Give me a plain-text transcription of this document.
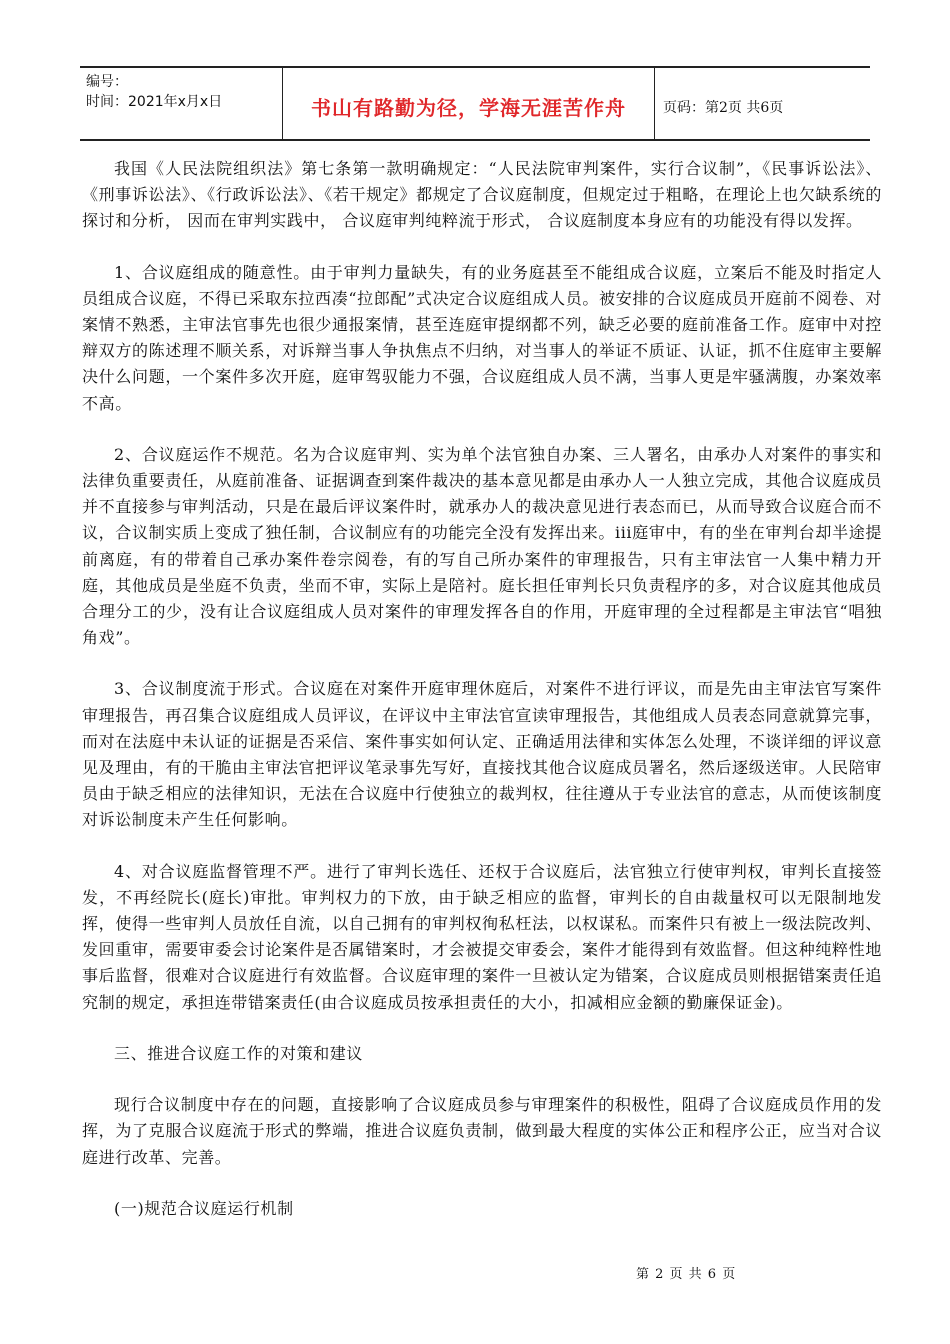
编号：
时间：2021年x月x日	书山有路勤为径，学海无涯苦作舟	页码：第2页 共6页

我国《人民法院组织法》第七条第一款明确规定：“人民法院审判案件，实行合议制”，《民事诉讼法》、《刑事诉讼法》、《行政诉讼法》、《若干规定》都规定了合议庭制度，但规定过于粗略，在理论上也欠缺系统的探讨和分析， 因而在审判实践中， 合议庭审判纯粹流于形式， 合议庭制度本身应有的功能没有得以发挥。

1、合议庭组成的随意性。由于审判力量缺失，有的业务庭甚至不能组成合议庭，立案后不能及时指定人员组成合议庭，不得已采取东拉西凑“拉郎配”式决定合议庭组成人员。被安排的合议庭成员开庭前不阅卷、对案情不熟悉，主审法官事先也很少通报案情，甚至连庭审提纲都不列，缺乏必要的庭前准备工作。庭审中对控辩双方的陈述理不顺关系，对诉辩当事人争执焦点不归纳，对当事人的举证不质证、认证，抓不住庭审主要解决什么问题，一个案件多次开庭，庭审驾驭能力不强，合议庭组成人员不满，当事人更是牢骚满腹，办案效率不高。

2、合议庭运作不规范。名为合议庭审判、实为单个法官独自办案、三人署名，由承办人对案件的事实和法律负重要责任，从庭前准备、证据调查到案件裁决的基本意见都是由承办人一人独立完成，其他合议庭成员并不直接参与审判活动，只是在最后评议案件时，就承办人的裁决意见进行表态而已，从而导致合议庭合而不议，合议制实质上变成了独任制，合议制应有的功能完全没有发挥出来。iii庭审中，有的坐在审判台却半途提前离庭，有的带着自己承办案件卷宗阅卷，有的写自己所办案件的审理报告，只有主审法官一人集中精力开庭，其他成员是坐庭不负责，坐而不审，实际上是陪衬。庭长担任审判长只负责程序的多，对合议庭其他成员合理分工的少，没有让合议庭组成人员对案件的审理发挥各自的作用，开庭审理的全过程都是主审法官“唱独角戏”。

3、合议制度流于形式。合议庭在对案件开庭审理休庭后，对案件不进行评议，而是先由主审法官写案件审理报告，再召集合议庭组成人员评议，在评议中主审法官宣读审理报告，其他组成人员表态同意就算完事，而对在法庭中未认证的证据是否采信、案件事实如何认定、正确适用法律和实体怎么处理，不谈详细的评议意见及理由，有的干脆由主审法官把评议笔录事先写好，直接找其他合议庭成员署名，然后逐级送审。人民陪审员由于缺乏相应的法律知识，无法在合议庭中行使独立的裁判权，往往遵从于专业法官的意志，从而使该制度对诉讼制度未产生任何影响。

4、对合议庭监督管理不严。进行了审判长选任、还权于合议庭后，法官独立行使审判权，审判长直接签发，不再经院长(庭长)审批。审判权力的下放，由于缺乏相应的监督，审判长的自由裁量权可以无限制地发挥，使得一些审判人员放任自流，以自己拥有的审判权徇私枉法，以权谋私。而案件只有被上一级法院改判、发回重审，需要审委会讨论案件是否属错案时，才会被提交审委会，案件才能得到有效监督。但这种纯粹性地事后监督，很难对合议庭进行有效监督。合议庭审理的案件一旦被认定为错案，合议庭成员则根据错案责任追究制的规定，承担连带错案责任(由合议庭成员按承担责任的大小，扣减相应金额的勤廉保证金)。

三、推进合议庭工作的对策和建议

现行合议制度中存在的问题，直接影响了合议庭成员参与审理案件的积极性，阻碍了合议庭成员作用的发挥，为了克服合议庭流于形式的弊端，推进合议庭负责制，做到最大程度的实体公正和程序公正，应当对合议庭进行改革、完善。

(一)规范合议庭运行机制

第 2 页 共 6 页
